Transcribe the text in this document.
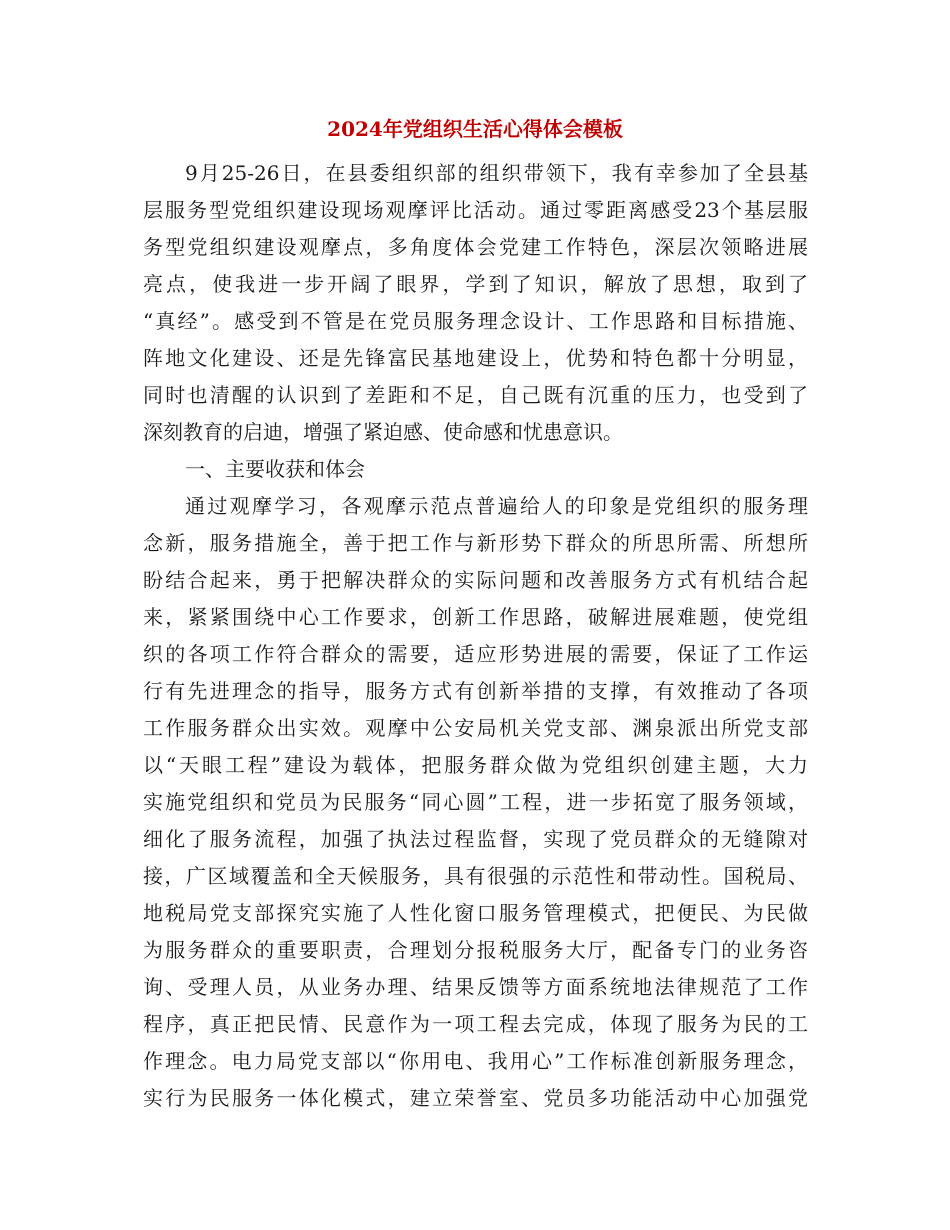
2024年党组织生活心得体会模板
9月25-26日，在县委组织部的组织带领下，我有幸参加了全县基
层服务型党组织建设现场观摩评比活动。通过零距离感受23个基层服
务型党组织建设观摩点，多角度体会党建工作特色，深层次领略进展
亮点，使我进一步开阔了眼界，学到了知识，解放了思想，取到了
“真经”。感受到不管是在党员服务理念设计、工作思路和目标措施、
阵地文化建设、还是先锋富民基地建设上，优势和特色都十分明显，
同时也清醒的认识到了差距和不足，自己既有沉重的压力，也受到了
深刻教育的启迪，增强了紧迫感、使命感和忧患意识。
一、主要收获和体会
通过观摩学习，各观摩示范点普遍给人的印象是党组织的服务理
念新，服务措施全，善于把工作与新形势下群众的所思所需、所想所
盼结合起来，勇于把解决群众的实际问题和改善服务方式有机结合起
来，紧紧围绕中心工作要求，创新工作思路，破解进展难题，使党组
织的各项工作符合群众的需要，适应形势进展的需要，保证了工作运
行有先进理念的指导，服务方式有创新举措的支撑，有效推动了各项
工作服务群众出实效。观摩中公安局机关党支部、渊泉派出所党支部
以“天眼工程”建设为载体，把服务群众做为党组织创建主题，大力
实施党组织和党员为民服务“同心圆”工程，进一步拓宽了服务领域，
细化了服务流程，加强了执法过程监督，实现了党员群众的无缝隙对
接，广区域覆盖和全天候服务，具有很强的示范性和带动性。国税局、
地税局党支部探究实施了人性化窗口服务管理模式，把便民、为民做
为服务群众的重要职责，合理划分报税服务大厅，配备专门的业务咨
询、受理人员，从业务办理、结果反馈等方面系统地法律规范了工作
程序，真正把民情、民意作为一项工程去完成，体现了服务为民的工
作理念。电力局党支部以“你用电、我用心”工作标准创新服务理念，
实行为民服务一体化模式，建立荣誉室、党员多功能活动中心加强党
